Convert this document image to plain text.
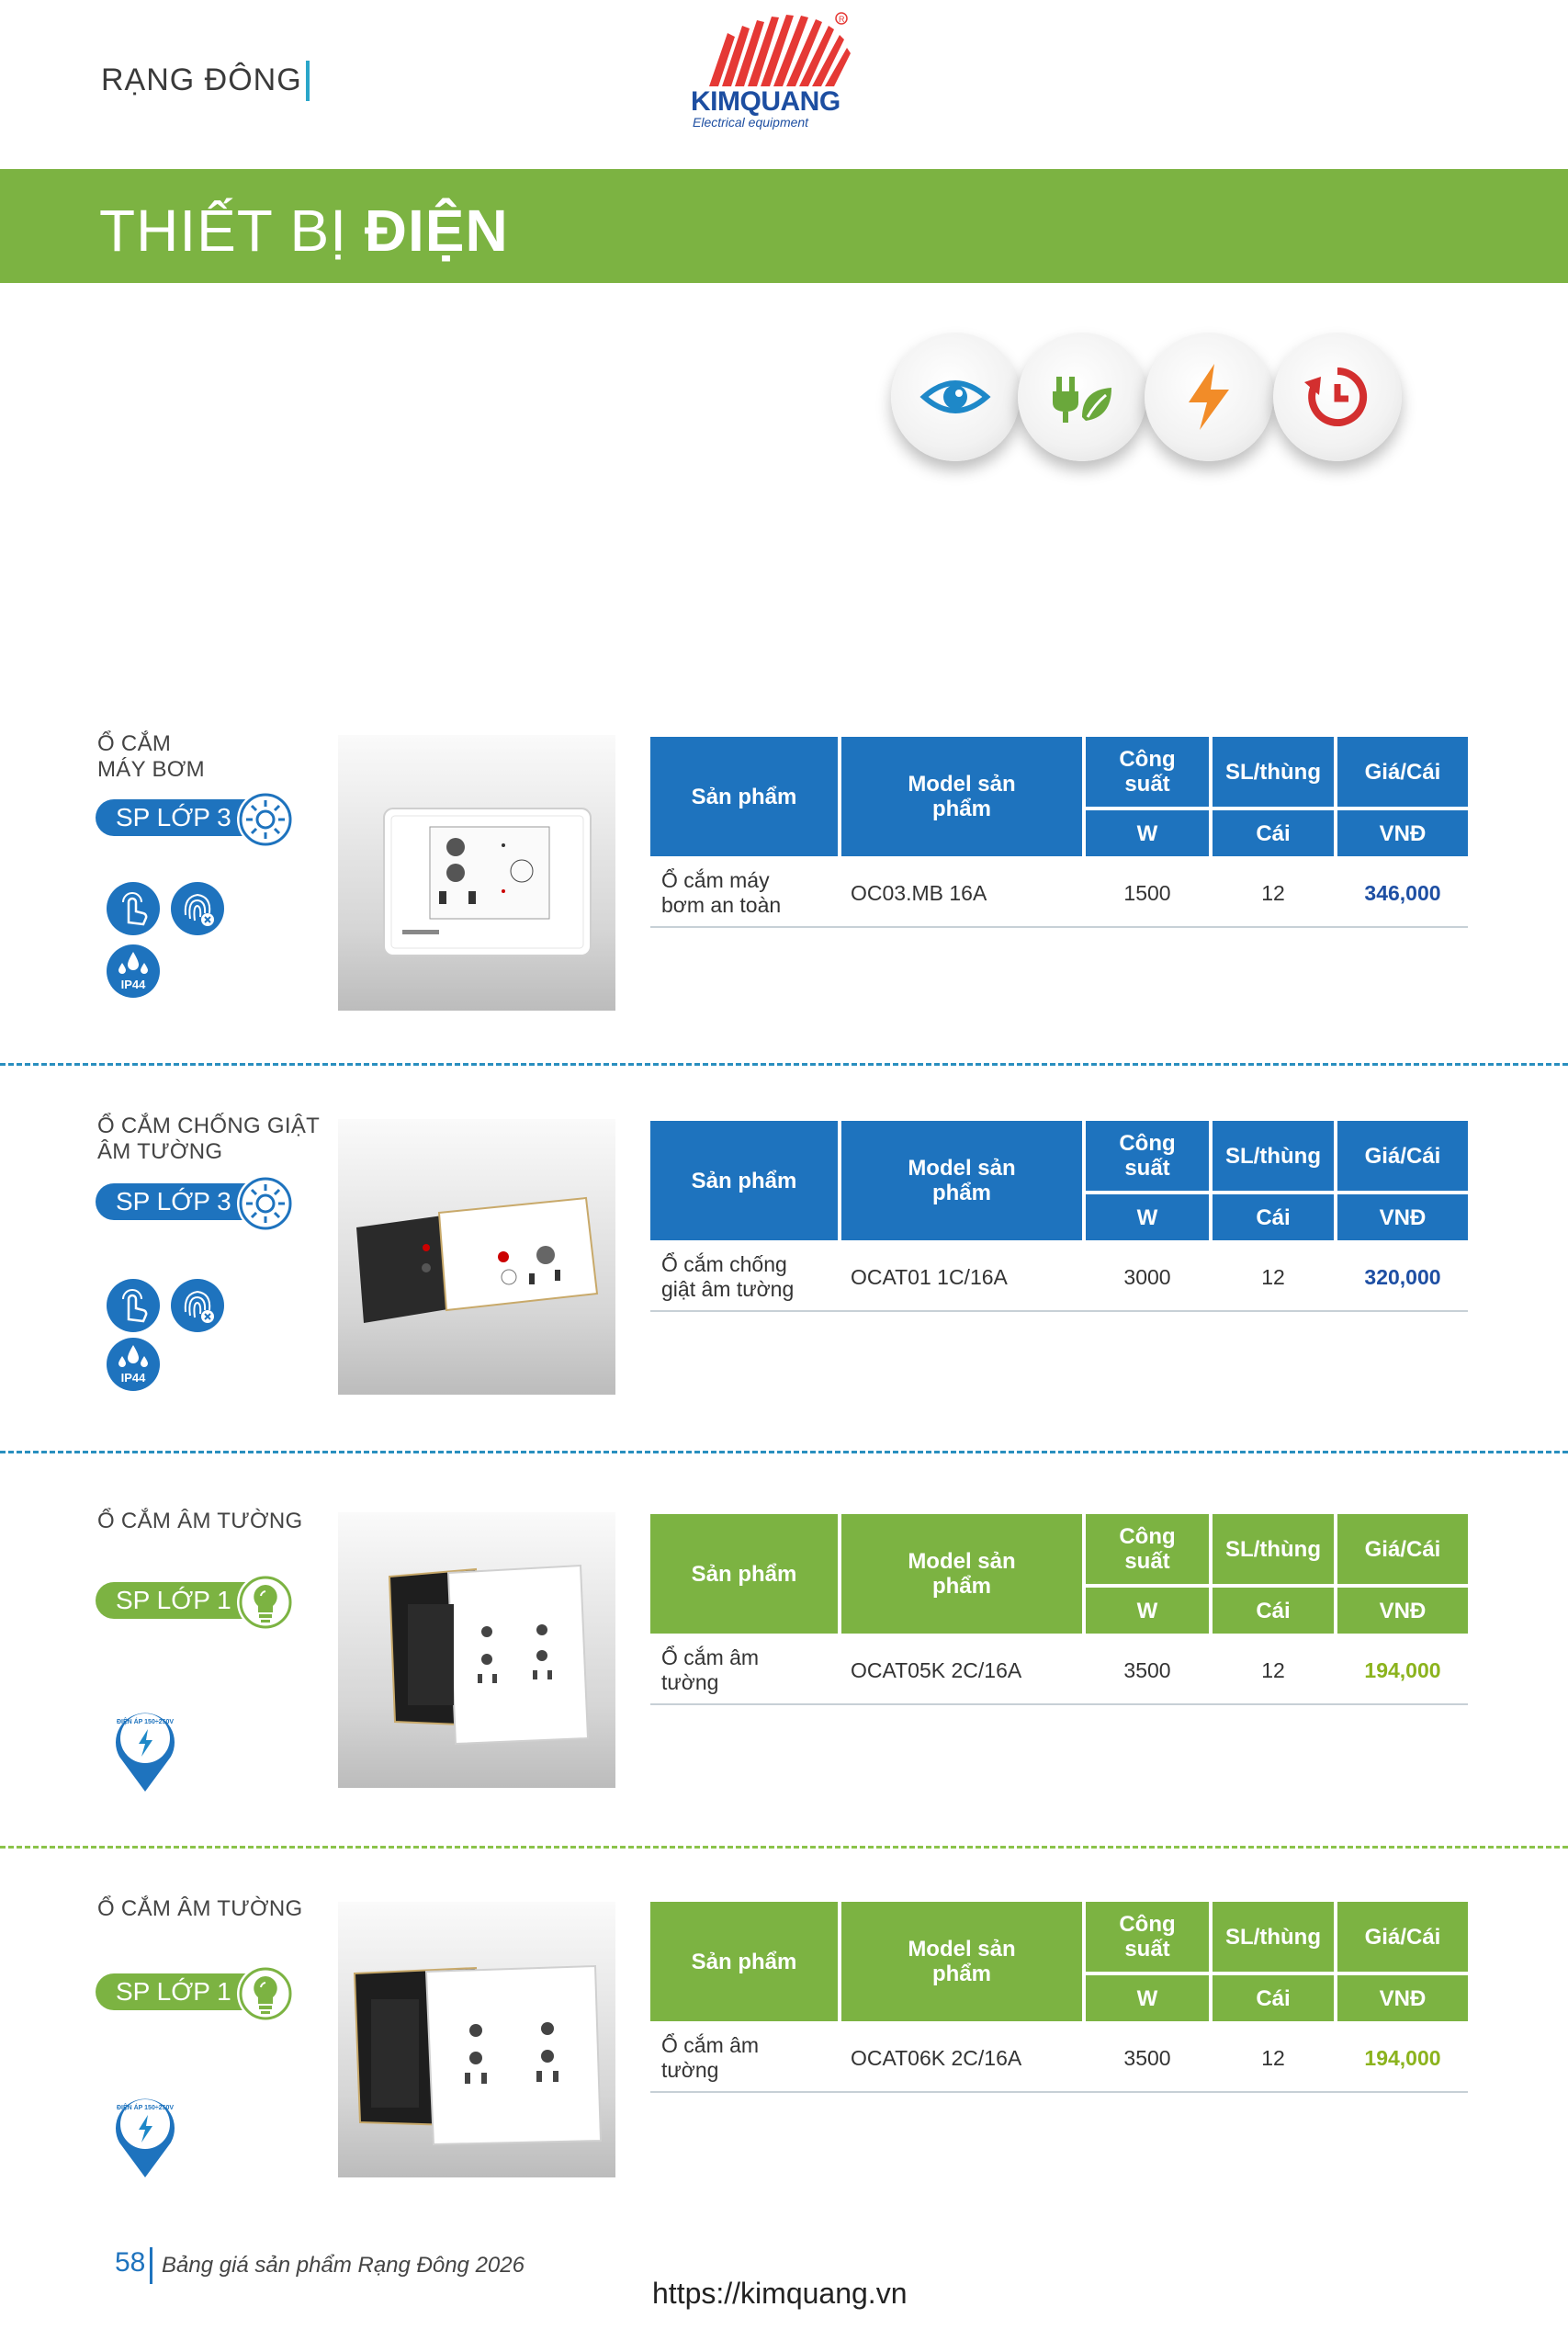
RẠNG ĐÔNG
R
KIMQUANG
Electrical equipment
THIẾT BỊ ĐIỆN
Ổ CẮM
MÁY BƠM
SP LỚP 3
IP44
Ổ CẮM CHỐNG GIẬT
ÂM TƯỜNG
SP LỚP 3
IP44
Ổ CẮM ÂM TƯỜNG
SP LỚP 1
ĐIỆN ÁP 150÷250V
Ổ CẮM ÂM TƯỜNG
SP LỚP 1
ĐIỆN ÁP 150÷250V
Sản phẩm	Model sản phẩm
Công suất	SL/thùng	Giá/Cái
W	Cái	VNĐ
Ổ cắm máy
bơm an toàn
OC03.MB 16A	1500	12	346,000
Sản phẩm	Model sản phẩm
Công suất	SL/thùng	Giá/Cái
W	Cái	VNĐ
Ổ cắm chống
giật âm tường
OCAT01 1C/16A	3000	12	320,000
Sản phẩm	Model sản phẩm
Công suất	SL/thùng	Giá/Cái
W	Cái	VNĐ
Ổ cắm âm
tường
OCAT05K 2C/16A	3500	12	194,000
Sản phẩm	Model sản phẩm
Công suất	SL/thùng	Giá/Cái
W	Cái	VNĐ
Ổ cắm âm
tường
OCAT06K 2C/16A	3500	12	194,000
58 Bảng giá sản phẩm Rạng Đông 2026
https://kimquang.vn
